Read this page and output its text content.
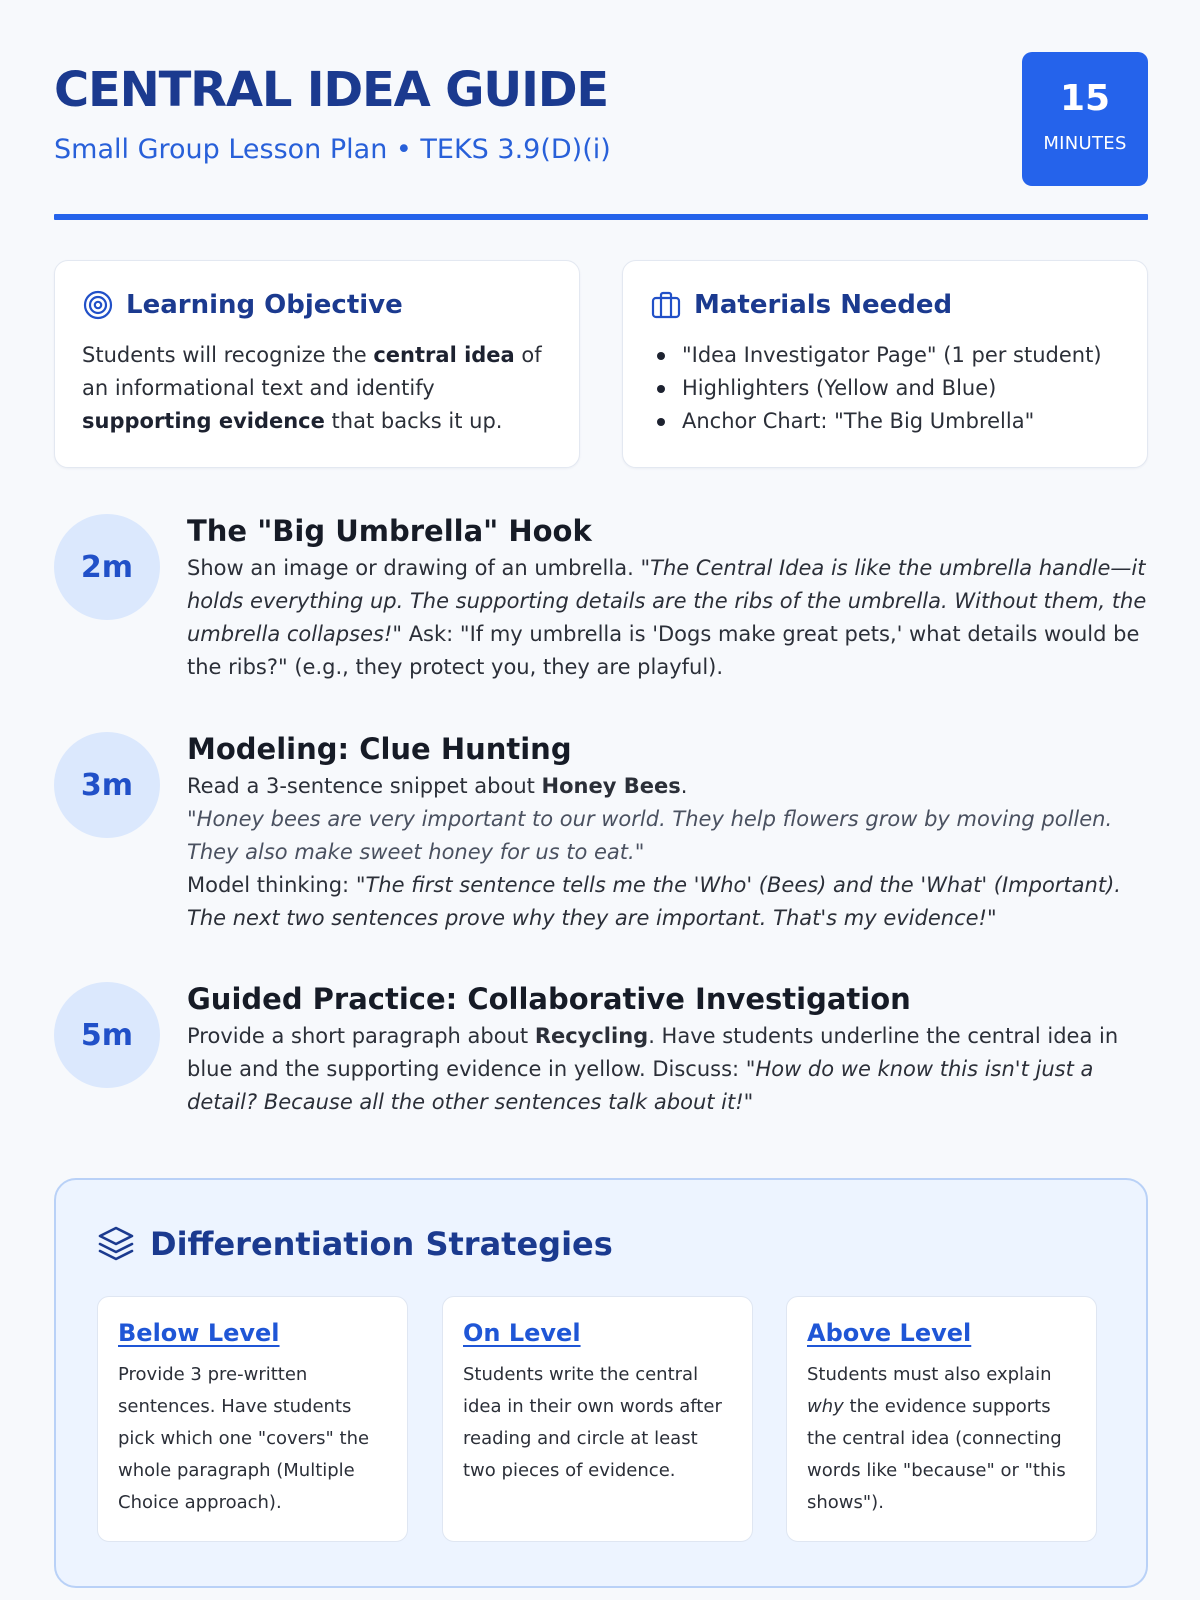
CENTRAL IDEA GUIDE
Small Group Lesson Plan • TEKS 3.9(D)(i)
15
MINUTES
Learning Objective
Students will recognize the central idea of an informational text and identify supporting evidence that backs it up.
Materials Needed
"Idea Investigator Page" (1 per student)
Highlighters (Yellow and Blue)
Anchor Chart: "The Big Umbrella"
2m
The "Big Umbrella" Hook
Show an image or drawing of an umbrella. "The Central Idea is like the umbrella handle—it holds everything up. The supporting details are the ribs of the umbrella. Without them, the umbrella collapses!" Ask: "If my umbrella is 'Dogs make great pets,' what details would be the ribs?" (e.g., they protect you, they are playful).
3m
Modeling: Clue Hunting
Read a 3-sentence snippet about Honey Bees.
"Honey bees are very important to our world. They help flowers grow by moving pollen. They also make sweet honey for us to eat."
Model thinking: "The first sentence tells me the 'Who' (Bees) and the 'What' (Important). The next two sentences prove why they are important. That's my evidence!"
5m
Guided Practice: Collaborative Investigation
Provide a short paragraph about Recycling. Have students underline the central idea in blue and the supporting evidence in yellow. Discuss: "How do we know this isn't just a detail? Because all the other sentences talk about it!"
Differentiation Strategies
Below Level
Provide 3 pre-written sentences. Have students pick which one "covers" the whole paragraph (Multiple Choice approach).
On Level
Students write the central idea in their own words after reading and circle at least two pieces of evidence.
Above Level
Students must also explain why the evidence supports the central idea (connecting words like "because" or "this shows").
